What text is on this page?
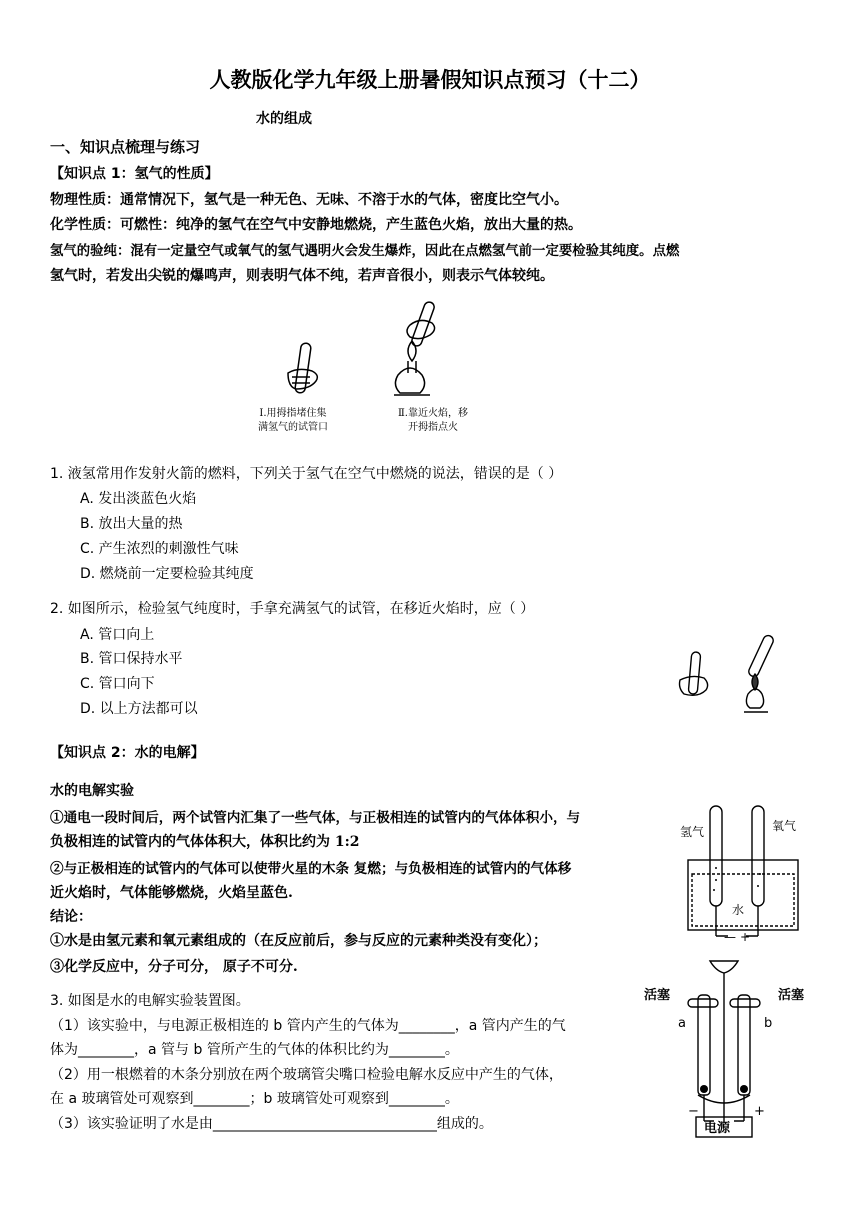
人教版化学九年级上册暑假知识点预习（十二）
水的组成
一、知识点梳理与练习
【知识点 1：氢气的性质】
物理性质：通常情况下，氢气是一种无色、无味、不溶于水的气体，密度比空气小。
化学性质：可燃性：纯净的氢气在空气中安静地燃烧，产生蓝色火焰，放出大量的热。
氢气的验纯：混有一定量空气或氧气的氢气遇明火会发生爆炸，因此在点燃氢气前一定要检验其纯度。点燃
氢气时，若发出尖锐的爆鸣声，则表明气体不纯，若声音很小，则表示气体较纯。
Ⅰ.用拇指堵住集
满氢气的试管口
Ⅱ.靠近火焰，移
开拇指点火
1. 液氢常用作发射火箭的燃料，下列关于氢气在空气中燃烧的说法，错误的是（ ）
A. 发出淡蓝色火焰
B. 放出大量的热
C. 产生浓烈的刺激性气味
D. 燃烧前一定要检验其纯度
2. 如图所示，检验氢气纯度时，手拿充满氢气的试管，在移近火焰时，应（ ）
A. 管口向上
B. 管口保持水平
C. 管口向下
D. 以上方法都可以
【知识点 2：水的电解】
水的电解实验
①通电一段时间后，两个试管内汇集了一些气体，与正极相连的试管内的气体体积小，与
负极相连的试管内的气体体积大，体积比约为 1:2
②与正极相连的试管内的气体可以使带火星的木条 复燃；与负极相连的试管内的气体移
近火焰时，气体能够燃烧，火焰呈蓝色.
结论：
①水是由氢元素和氧元素组成的（在反应前后，参与反应的元素种类没有变化）；
③化学反应中，分子可分， 原子不可分.
氢气	氧气
水
— +
3. 如图是水的电解实验装置图。
（1）该实验中，与电源正极相连的 b 管内产生的气体为________，a 管内产生的气
体为________，a 管与 b 管所产生的气体的体积比约为________。
（2）用一根燃着的木条分别放在两个玻璃管尖嘴口检验电解水反应中产生的气体，
在 a 玻璃管处可观察到________；b 玻璃管处可观察到________。
（3）该实验证明了水是由________________________________组成的。
活塞	活塞
a	b
电源
−	+
